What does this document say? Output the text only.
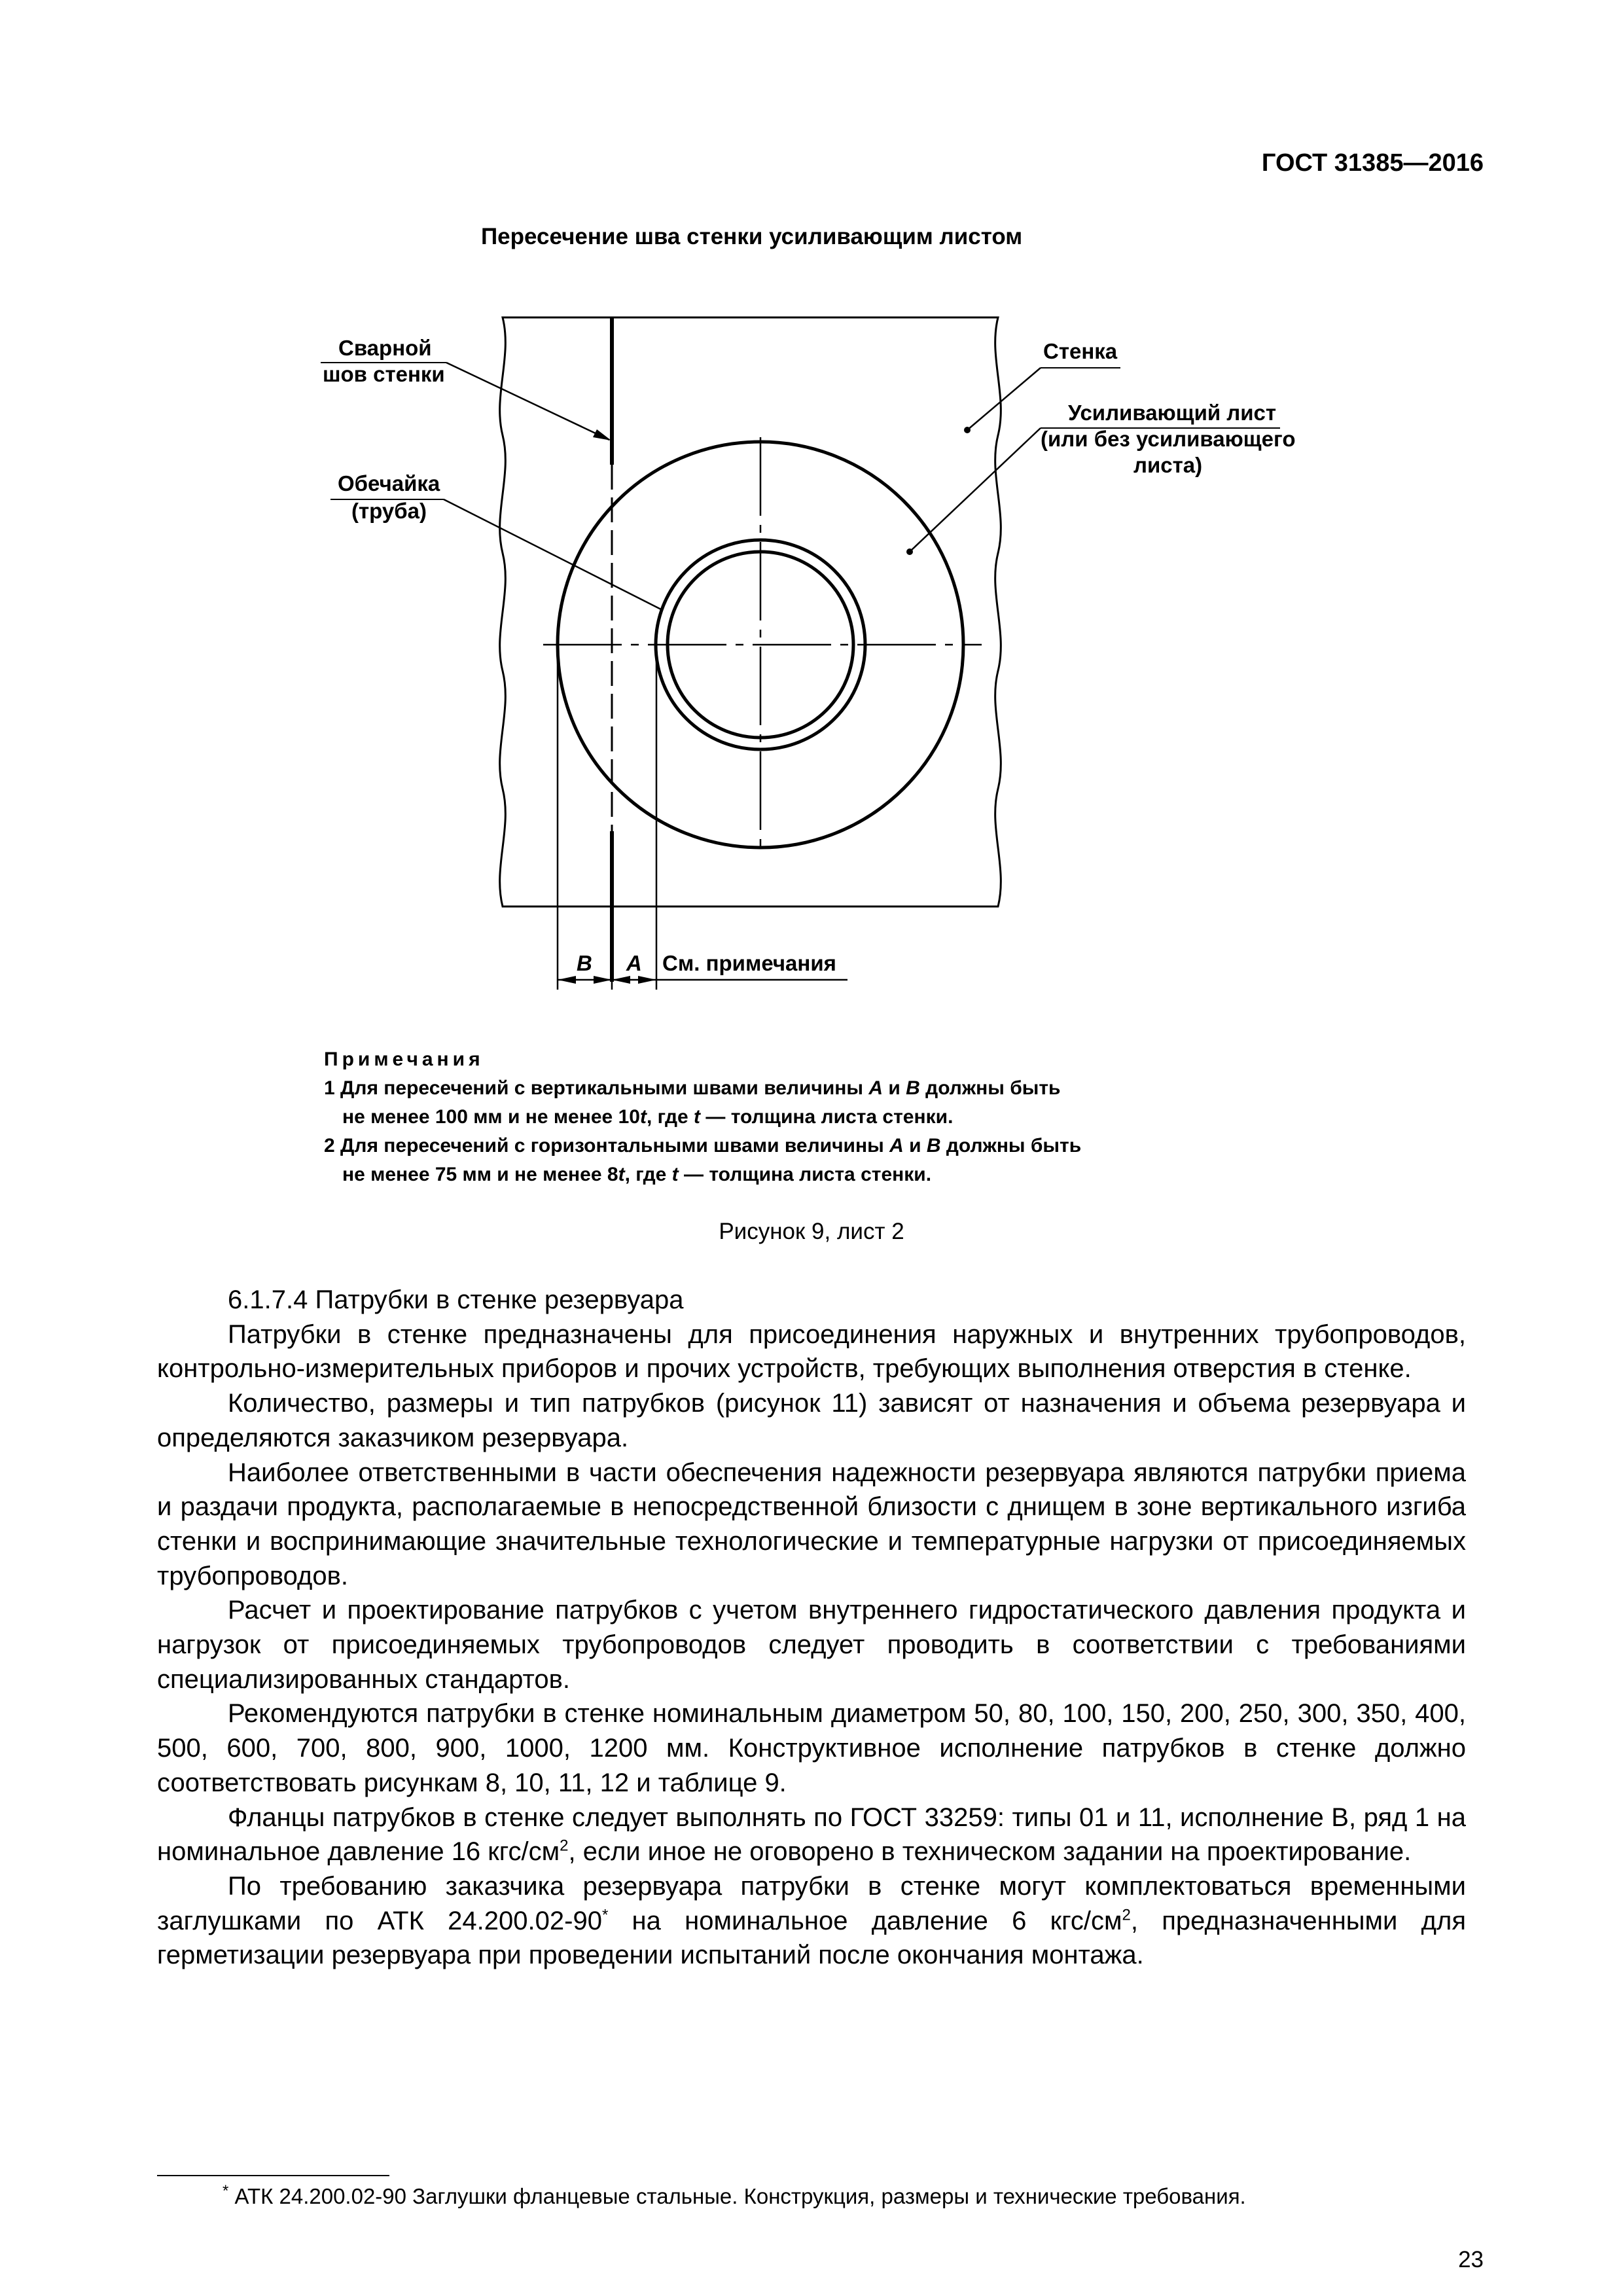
ГОСТ 31385—2016
Пересечение шва стенки усиливающим листом
B A См. примечания
Сварной
шов стенки
Обечайка
(труба)
Стенка
Усиливающий лист
(или без усиливающего
листа)

Примечания

1 Для пересечений с вертикальными швами величины A и B должны быть

не менее 100 мм и не менее 10t, где t — толщина листа стенки.

2 Для пересечений с горизонтальными швами величины A и B должны быть

не менее 75 мм и не менее 8t, где t — толщина листа стенки.

Рисунок 9, лист 2

6.1.7.4 Патрубки в стенке резервуара

Патрубки в стенке предназначены для присоединения наружных и внутренних трубопроводов, контрольно-измерительных приборов и прочих устройств, требующих выполнения отверстия в стенке.

Количество, размеры и тип патрубков (рисунок 11) зависят от назначения и объема резервуара и определяются заказчиком резервуара.

Наиболее ответственными в части обеспечения надежности резервуара являются патрубки приема и раздачи продукта, располагаемые в непосредственной близости с днищем в зоне вертикального изгиба стенки и воспринимающие значительные технологические и температурные нагрузки от присоединяемых трубопроводов.

Расчет и проектирование патрубков с учетом внутреннего гидростатического давления продукта и нагрузок от присоединяемых трубопроводов следует проводить в соответствии с требованиями специализированных стандартов.

Рекомендуются патрубки в стенке номинальным диаметром 50, 80, 100, 150, 200, 250, 300, 350, 400, 500, 600, 700, 800, 900, 1000, 1200 мм. Конструктивное исполнение патрубков в стенке должно соответствовать рисункам 8, 10, 11, 12 и таблице 9.

Фланцы патрубков в стенке следует выполнять по ГОСТ 33259: типы 01 и 11, исполнение В, ряд 1 на номинальное давление 16 кгс/$см^2$, если иное не оговорено в техническом задании на проектирование.

По требованию заказчика резервуара патрубки в стенке могут комплектоваться временными заглушками по АТК 24.200.02-90* на номинальное давление 6 кгс/$см^2$, предназначенными для герметизации резервуара при проведении испытаний после окончания монтажа.

* АТК 24.200.02-90 Заглушки фланцевые стальные. Конструкция, размеры и технические требования.
23
